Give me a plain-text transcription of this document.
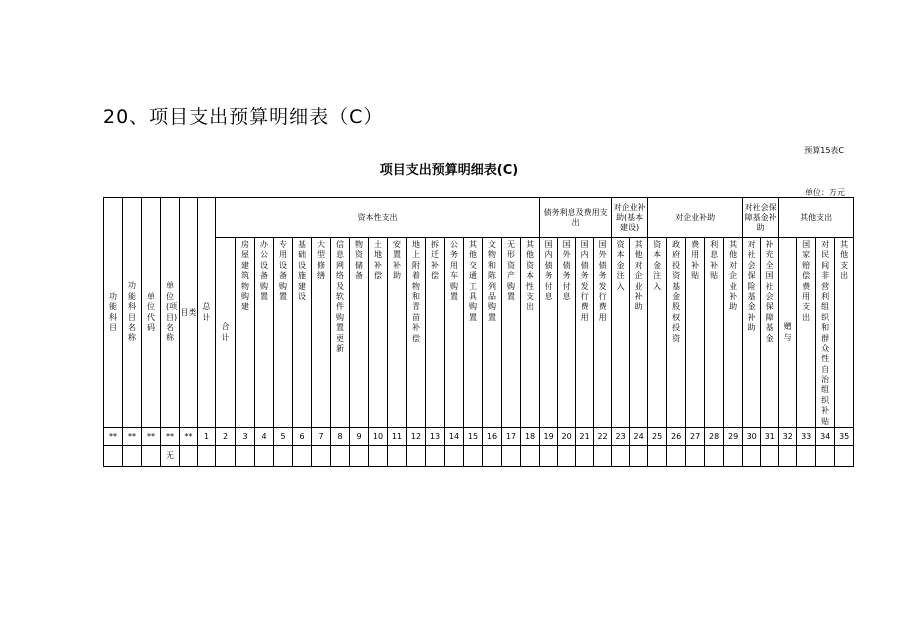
20、项目支出预算明细表（C）
预算15表C
项目支出预算明细表(C)
单位：万元
功能科目	功能科目名称	单位代码	单位(项目)名称	目类	总计	资本性支出																	债务利息及费用支出				对企业补助(基本建设)		对企业补助					对社会保障基金补助		其他支出			
						合计	房屋建筑物购建	办公设备购置	专用设备购置	基础设施建设	大型修缮	信息网络及软件购置更新	物资储备	土地补偿	安置补助	地上附着物和青苗补偿	拆迁补偿	公务用车购置	其他交通工具购置	文物和陈列品购置	无形资产购置	其他资本性支出	国内债务付息	国外债务付息	国内债务发行费用	国外债务发行费用	资本金注入	其他对企业补助	资本金注入	政府投资基金股权投资	费用补贴	利息补贴	其他对企业补助	对社会保险基金补助	补充全国社会保障基金	赠与	国家赔偿费用支出	对民间非营利组织和群众性自治组织补贴	其他支出
**	**	**	**	**	1	2	3	4	5	6	7	8	9	10	11	12	13	14	15	16	17	18	19	20	21	22	23	24	25	26	27	28	29	30	31	32	33	34	35
			无																																				
